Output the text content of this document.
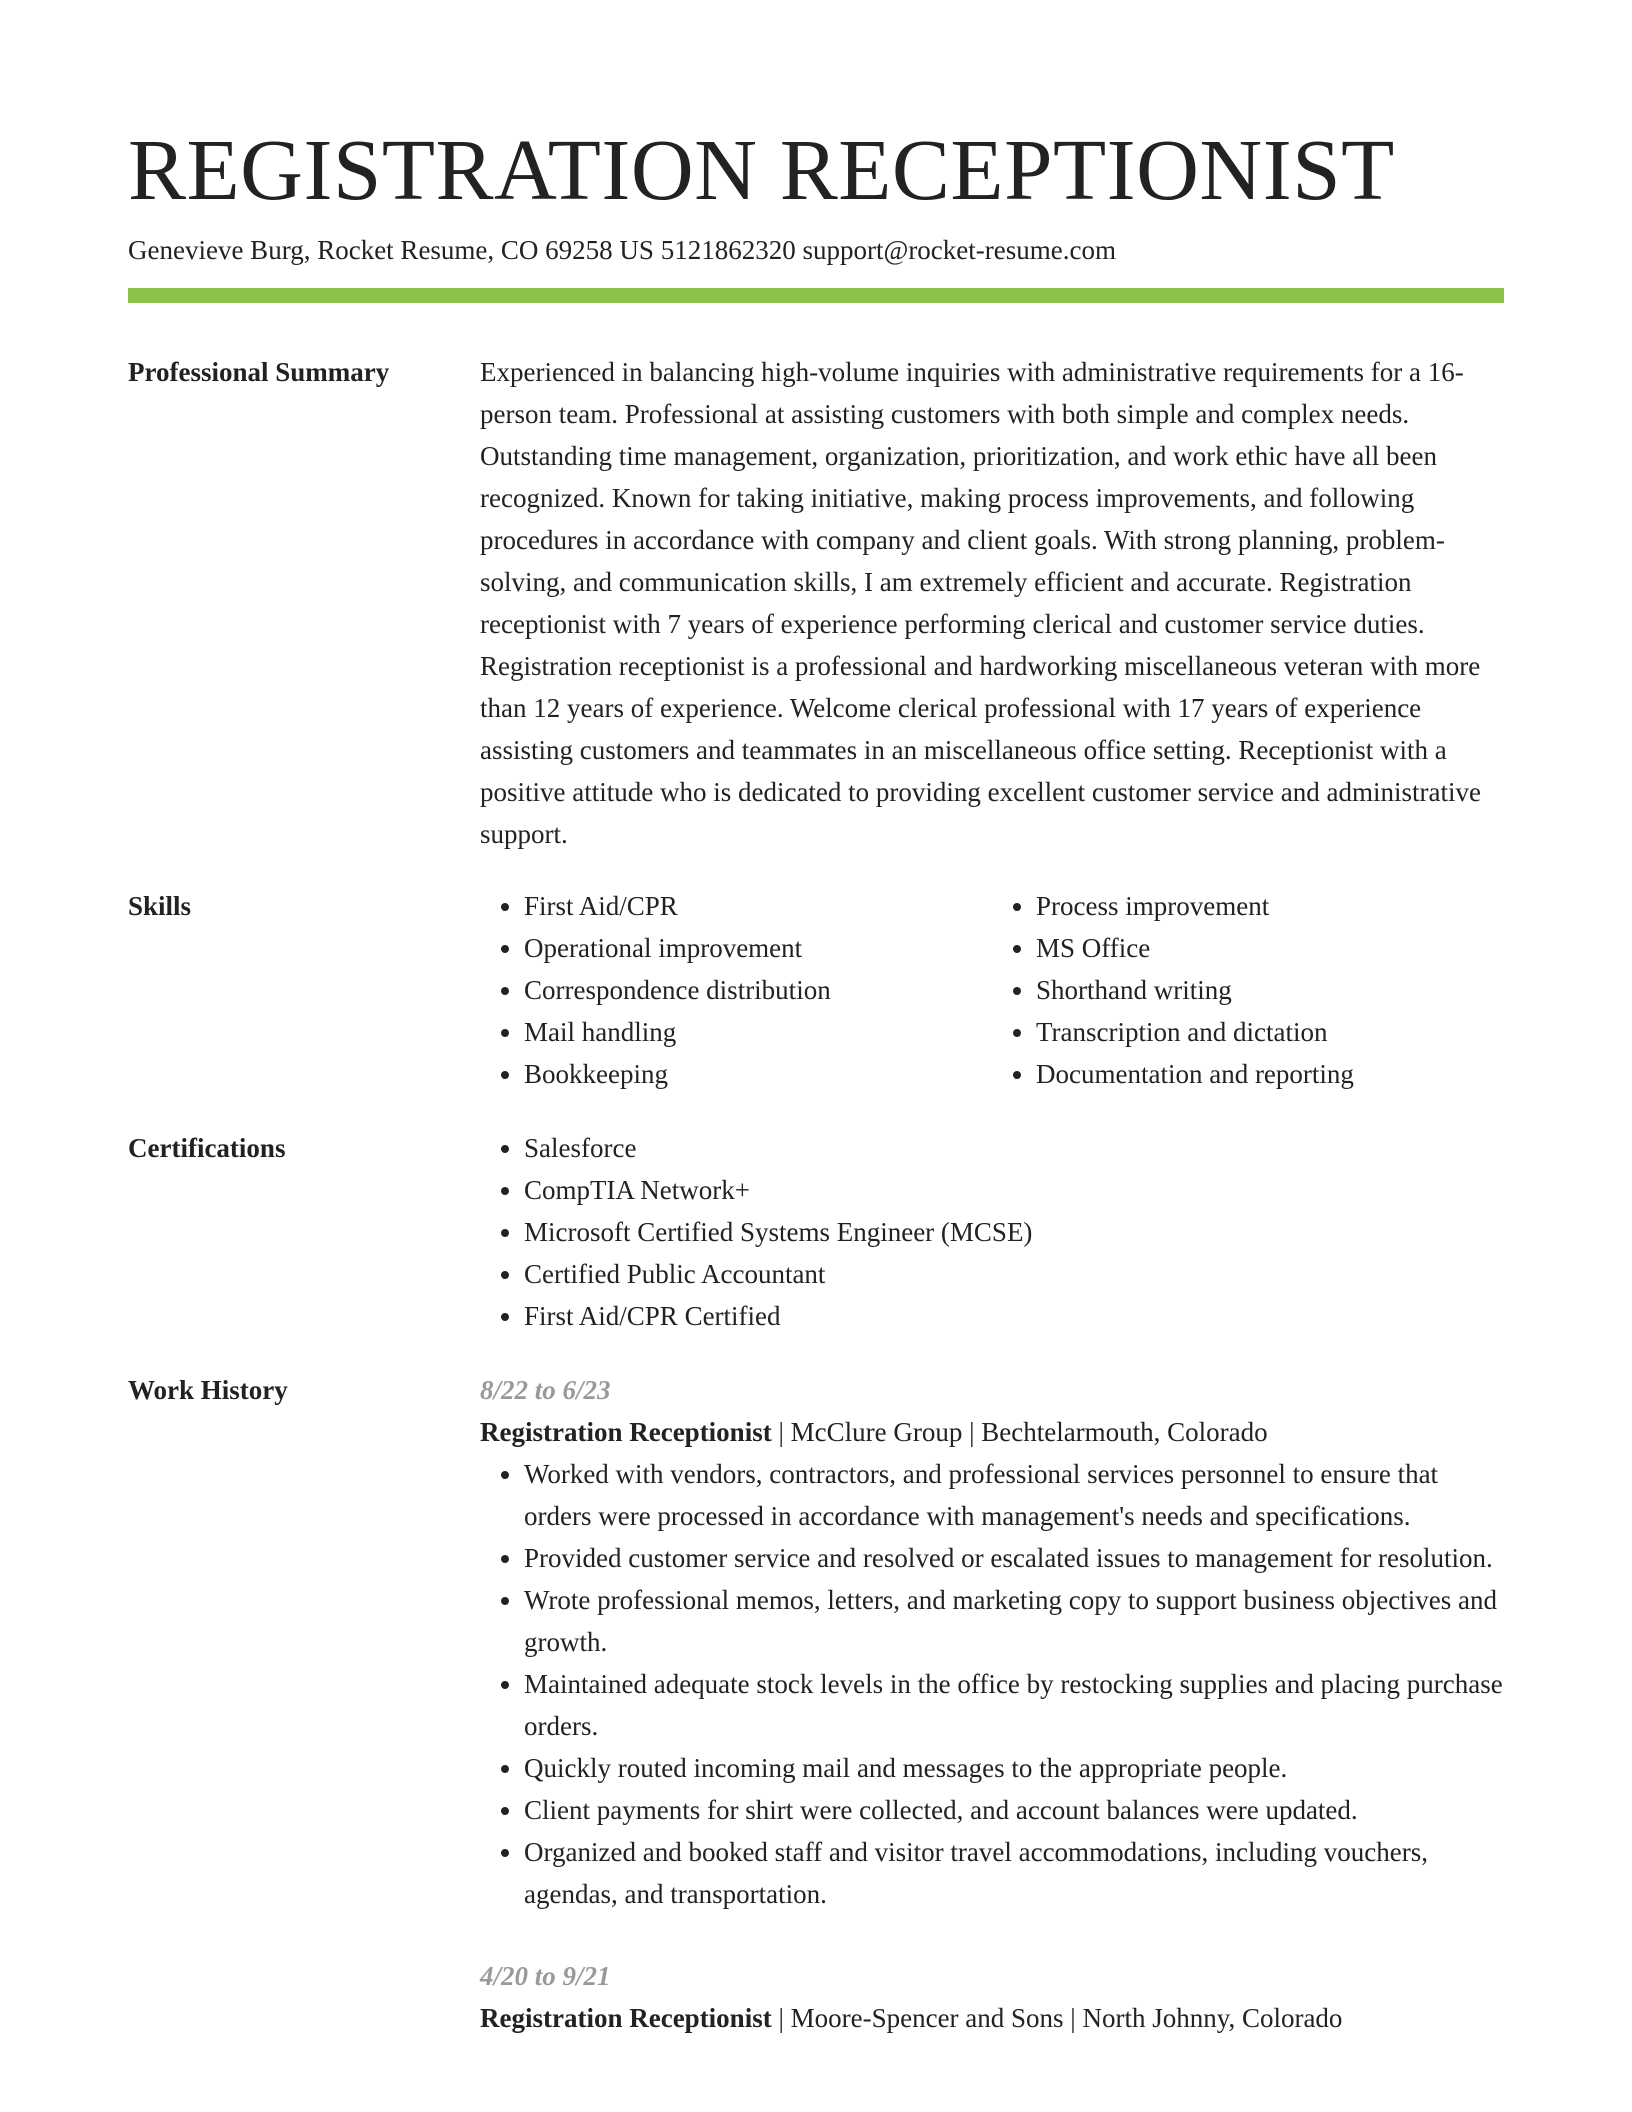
REGISTRATION RECEPTIONIST
Genevieve Burg, Rocket Resume, CO 69258 US 5121862320 support@rocket-resume.com
Professional Summary	Experienced in balancing high-volume inquiries with administrative requirements for a 16-person team. Professional at assisting customers with both simple and complex needs. Outstanding time management, organization, prioritization, and work ethic have all been recognized. Known for taking initiative, making process improvements, and following procedures in accordance with company and client goals. With strong planning, problem-solving, and communication skills, I am extremely efficient and accurate. Registration receptionist with 7 years of experience performing clerical and customer service duties. Registration receptionist is a professional and hardworking miscellaneous veteran with more than 12 years of experience. Welcome clerical professional with 17 years of experience assisting customers and teammates in an miscellaneous office setting. Receptionist with a positive attitude who is dedicated to providing excellent customer service and administrative support.

Skills	• First Aid/CPR
• Operational improvement
• Correspondence distribution
• Mail handling
• Bookkeeping
• Process improvement
• MS Office
• Shorthand writing
• Transcription and dictation
• Documentation and reporting
Certifications	• Salesforce
• CompTIA Network+
• Microsoft Certified Systems Engineer (MCSE)
• Certified Public Accountant
• First Aid/CPR Certified
Work History	8/22 to 6/23
Registration Receptionist | McClure Group | Bechtelarmouth, Colorado
• Worked with vendors, contractors, and professional services personnel to ensure that orders were processed in accordance with management's needs and specifications.
• Provided customer service and resolved or escalated issues to management for resolution.
• Wrote professional memos, letters, and marketing copy to support business objectives and growth.
• Maintained adequate stock levels in the office by restocking supplies and placing purchase orders.
• Quickly routed incoming mail and messages to the appropriate people.
• Client payments for shirt were collected, and account balances were updated.
• Organized and booked staff and visitor travel accommodations, including vouchers, agendas, and transportation.
4/20 to 9/21
Registration Receptionist | Moore-Spencer and Sons | North Johnny, Colorado
